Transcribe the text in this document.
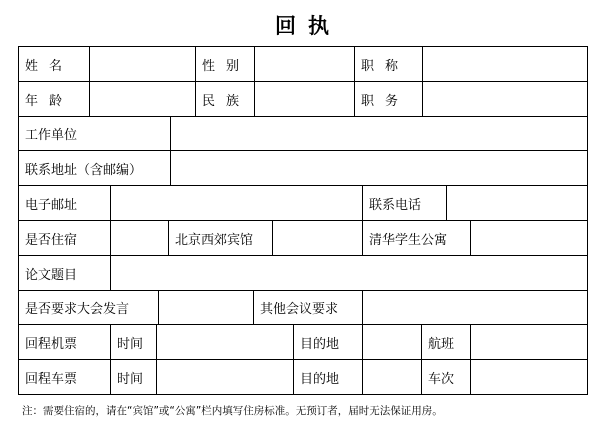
回 执
姓名	性别	职称
年龄	民族	职务
工作单位
联系地址（含邮编）
电子邮址	联系电话
是否住宿	北京西郊宾馆	清华学生公寓
论文题目
是否要求大会发言	其他会议要求
回程机票	时间	目的地	航班
回程车票	时间	目的地	车次
注：需要住宿的，请在“宾馆”或“公寓”栏内填写住房标准。无预订者，届时无法保证用房。
